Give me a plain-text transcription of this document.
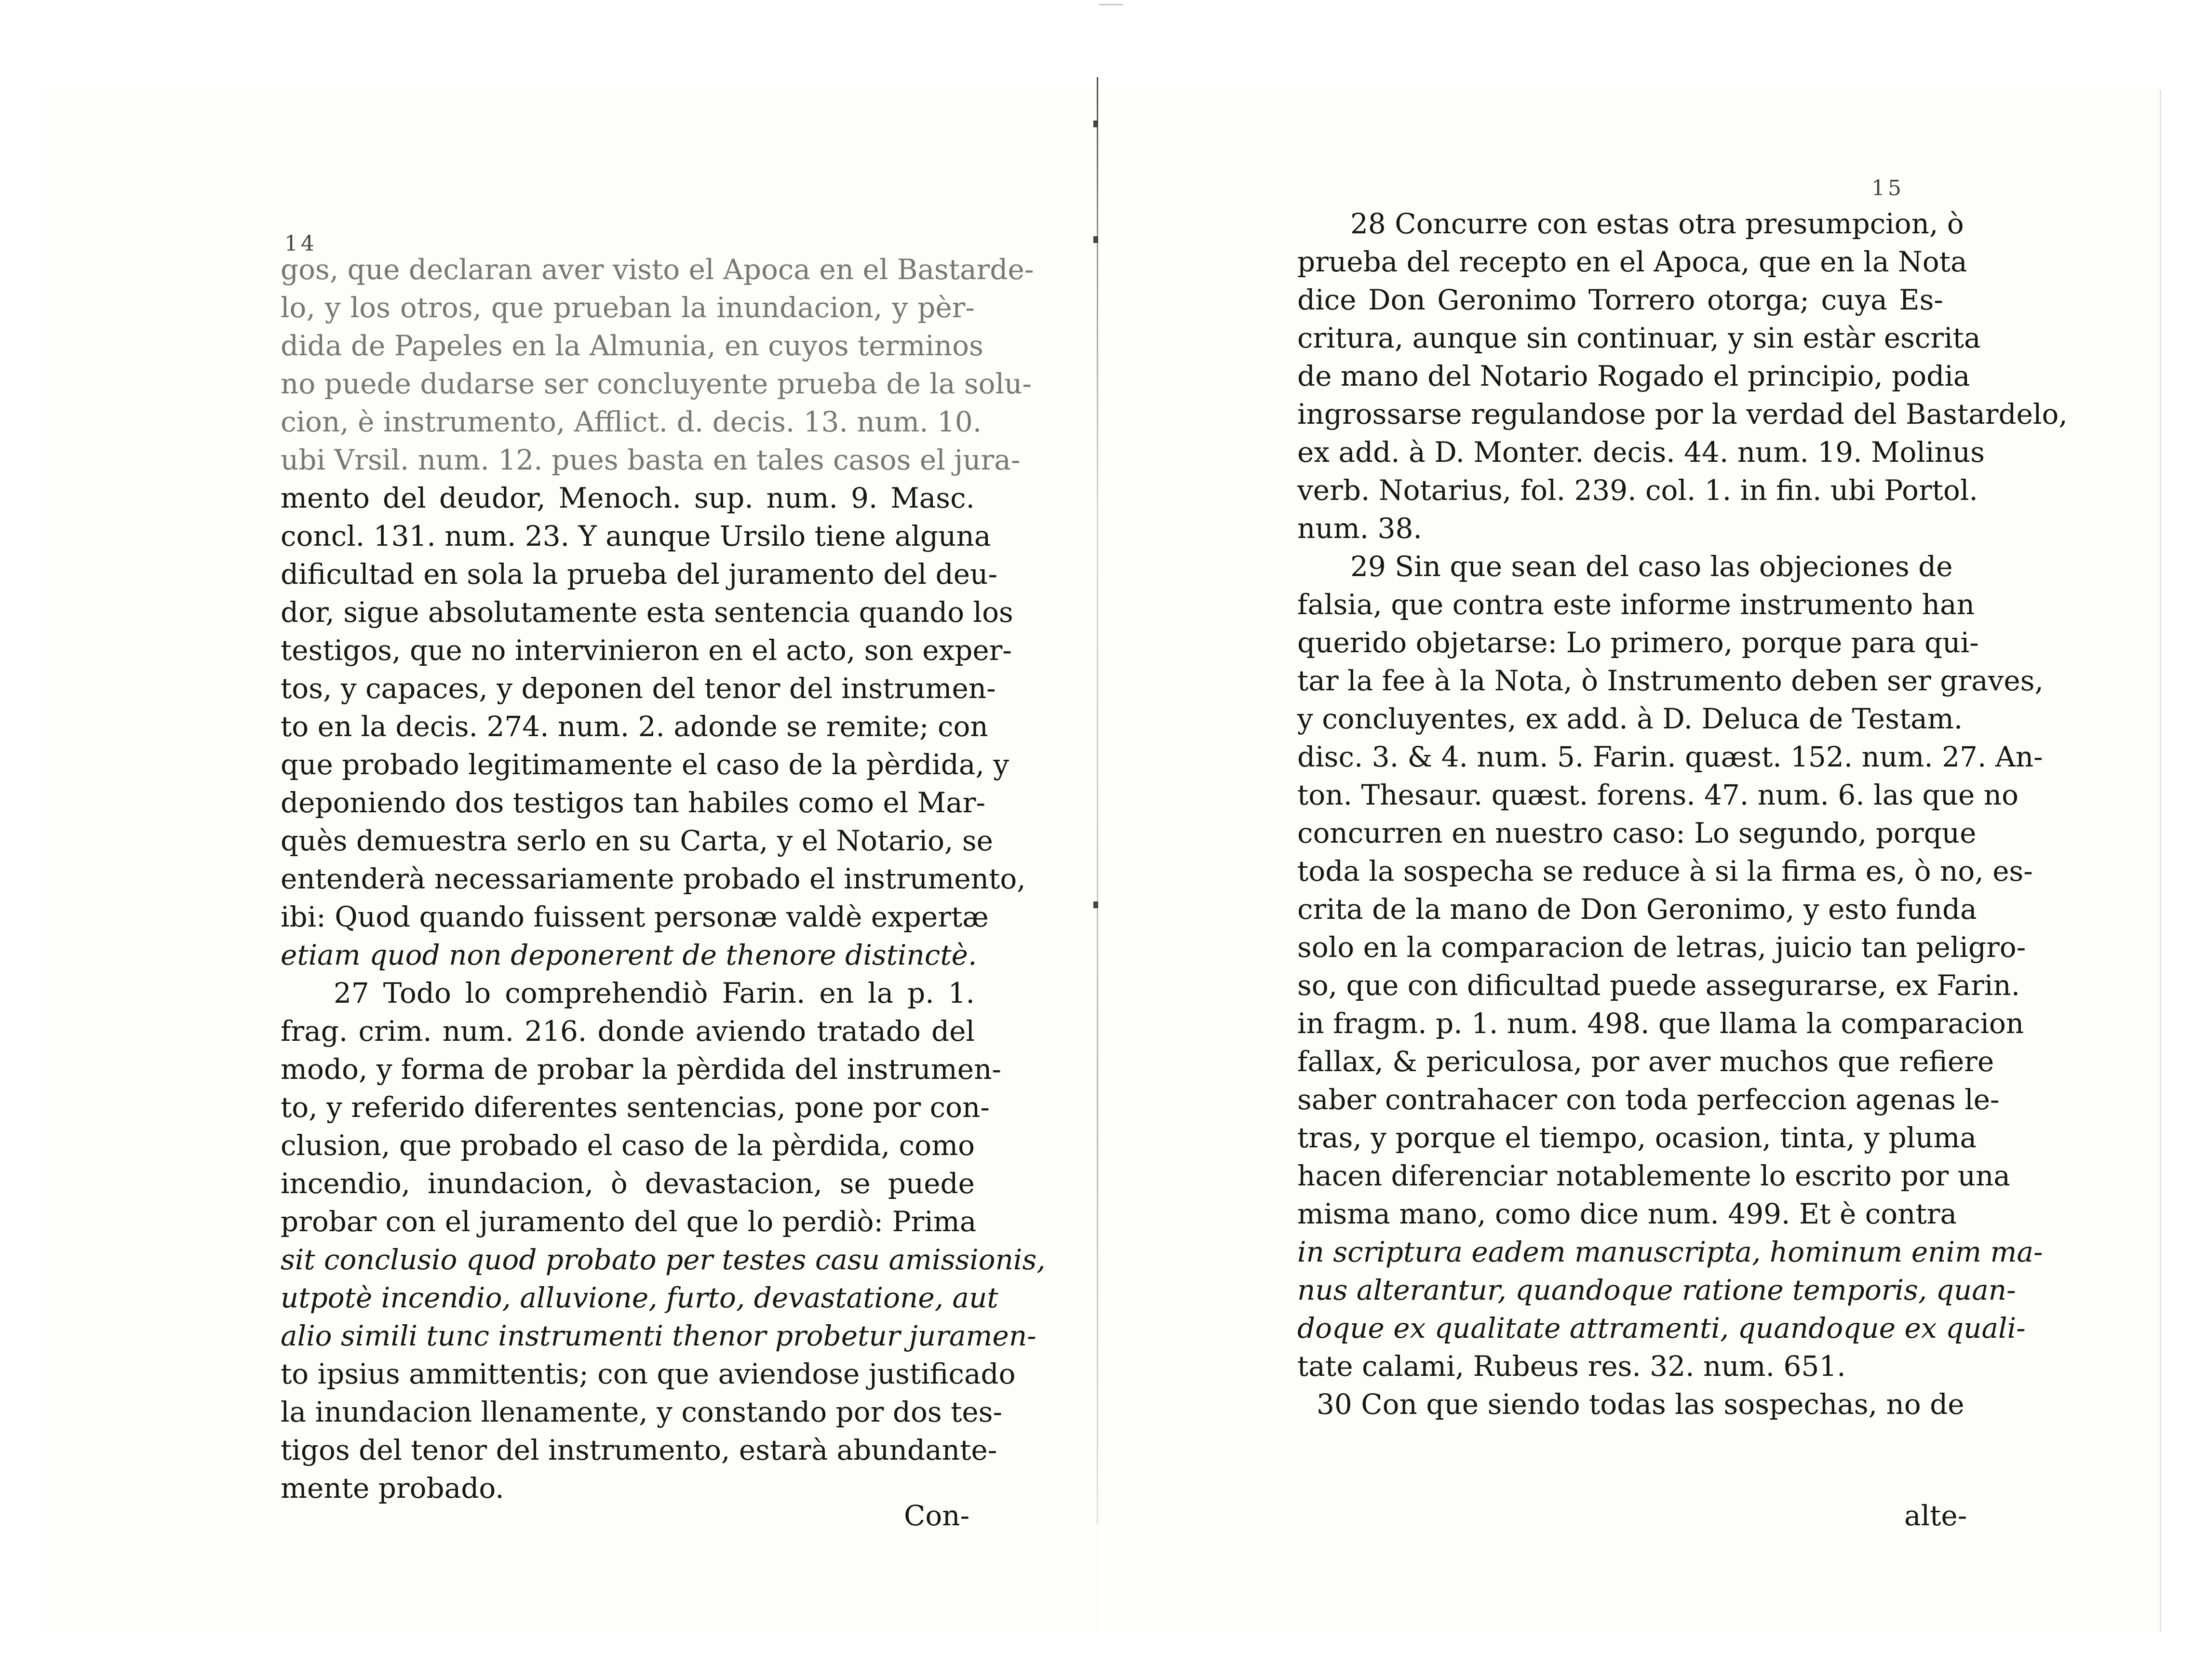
14
gos, que declaran aver visto el Apoca en el Bastarde-
lo, y los otros, que prueban la inundacion, y pèr-
dida de Papeles en la Almunia, en cuyos terminos
no puede dudarse ser concluyente prueba de la solu-
cion, è instrumento, Afflict. d. decis. 13. num. 10.
ubi Vrsil. num. 12. pues basta en tales casos el jura-
mento del deudor, Menoch. sup. num. 9. Masc.
concl. 131. num. 23. Y aunque Ursilo tiene alguna
dificultad en sola la prueba del juramento del deu-
dor, sigue absolutamente esta sentencia quando los
testigos, que no intervinieron en el acto, son exper-
tos, y capaces, y deponen del tenor del instrumen-
to en la decis. 274. num. 2. adonde se remite; con
que probado legitimamente el caso de la pèrdida, y
deponiendo dos testigos tan habiles como el Mar-
quès demuestra serlo en su Carta, y el Notario, se
entenderà necessariamente probado el instrumento,
ibi: Quod quando fuissent personæ valdè expertæ
etiam quod non deponerent de thenore distinctè.
27 Todo lo comprehendiò Farin. en la p. 1.
frag. crim. num. 216. donde aviendo tratado del
modo, y forma de probar la pèrdida del instrumen-
to, y referido diferentes sentencias, pone por con-
clusion, que probado el caso de la pèrdida, como
incendio, inundacion, ò devastacion, se puede
probar con el juramento del que lo perdiò: Prima
sit conclusio quod probato per testes casu amissionis,
utpotè incendio, alluvione, furto, devastatione, aut
alio simili tunc instrumenti thenor probetur juramen-
to ipsius ammittentis; con que aviendose justificado
la inundacion llenamente, y constando por dos tes-
tigos del tenor del instrumento, estarà abundante-
mente probado.
Con-
15
28 Concurre con estas otra presumpcion, ò
prueba del recepto en el Apoca, que en la Nota
dice Don Geronimo Torrero otorga; cuya Es-
critura, aunque sin continuar, y sin estàr escrita
de mano del Notario Rogado el principio, podia
ingrossarse regulandose por la verdad del Bastardelo,
ex add. à D. Monter. decis. 44. num. 19. Molinus
verb. Notarius, fol. 239. col. 1. in fin. ubi Portol.
num. 38.
29 Sin que sean del caso las objeciones de
falsia, que contra este informe instrumento han
querido objetarse: Lo primero, porque para qui-
tar la fee à la Nota, ò Instrumento deben ser graves,
y concluyentes, ex add. à D. Deluca de Testam.
disc. 3. & 4. num. 5. Farin. quæst. 152. num. 27. An-
ton. Thesaur. quæst. forens. 47. num. 6. las que no
concurren en nuestro caso: Lo segundo, porque
toda la sospecha se reduce à si la firma es, ò no, es-
crita de la mano de Don Geronimo, y esto funda
solo en la comparacion de letras, juicio tan peligro-
so, que con dificultad puede assegurarse, ex Farin.
in fragm. p. 1. num. 498. que llama la comparacion
fallax, & periculosa, por aver muchos que refiere
saber contrahacer con toda perfeccion agenas le-
tras, y porque el tiempo, ocasion, tinta, y pluma
hacen diferenciar notablemente lo escrito por una
misma mano, como dice num. 499. Et è contra
in scriptura eadem manuscripta, hominum enim ma-
nus alterantur, quandoque ratione temporis, quan-
doque ex qualitate attramenti, quandoque ex quali-
tate calami, Rubeus res. 32. num. 651.
30 Con que siendo todas las sospechas, no de
alte-
